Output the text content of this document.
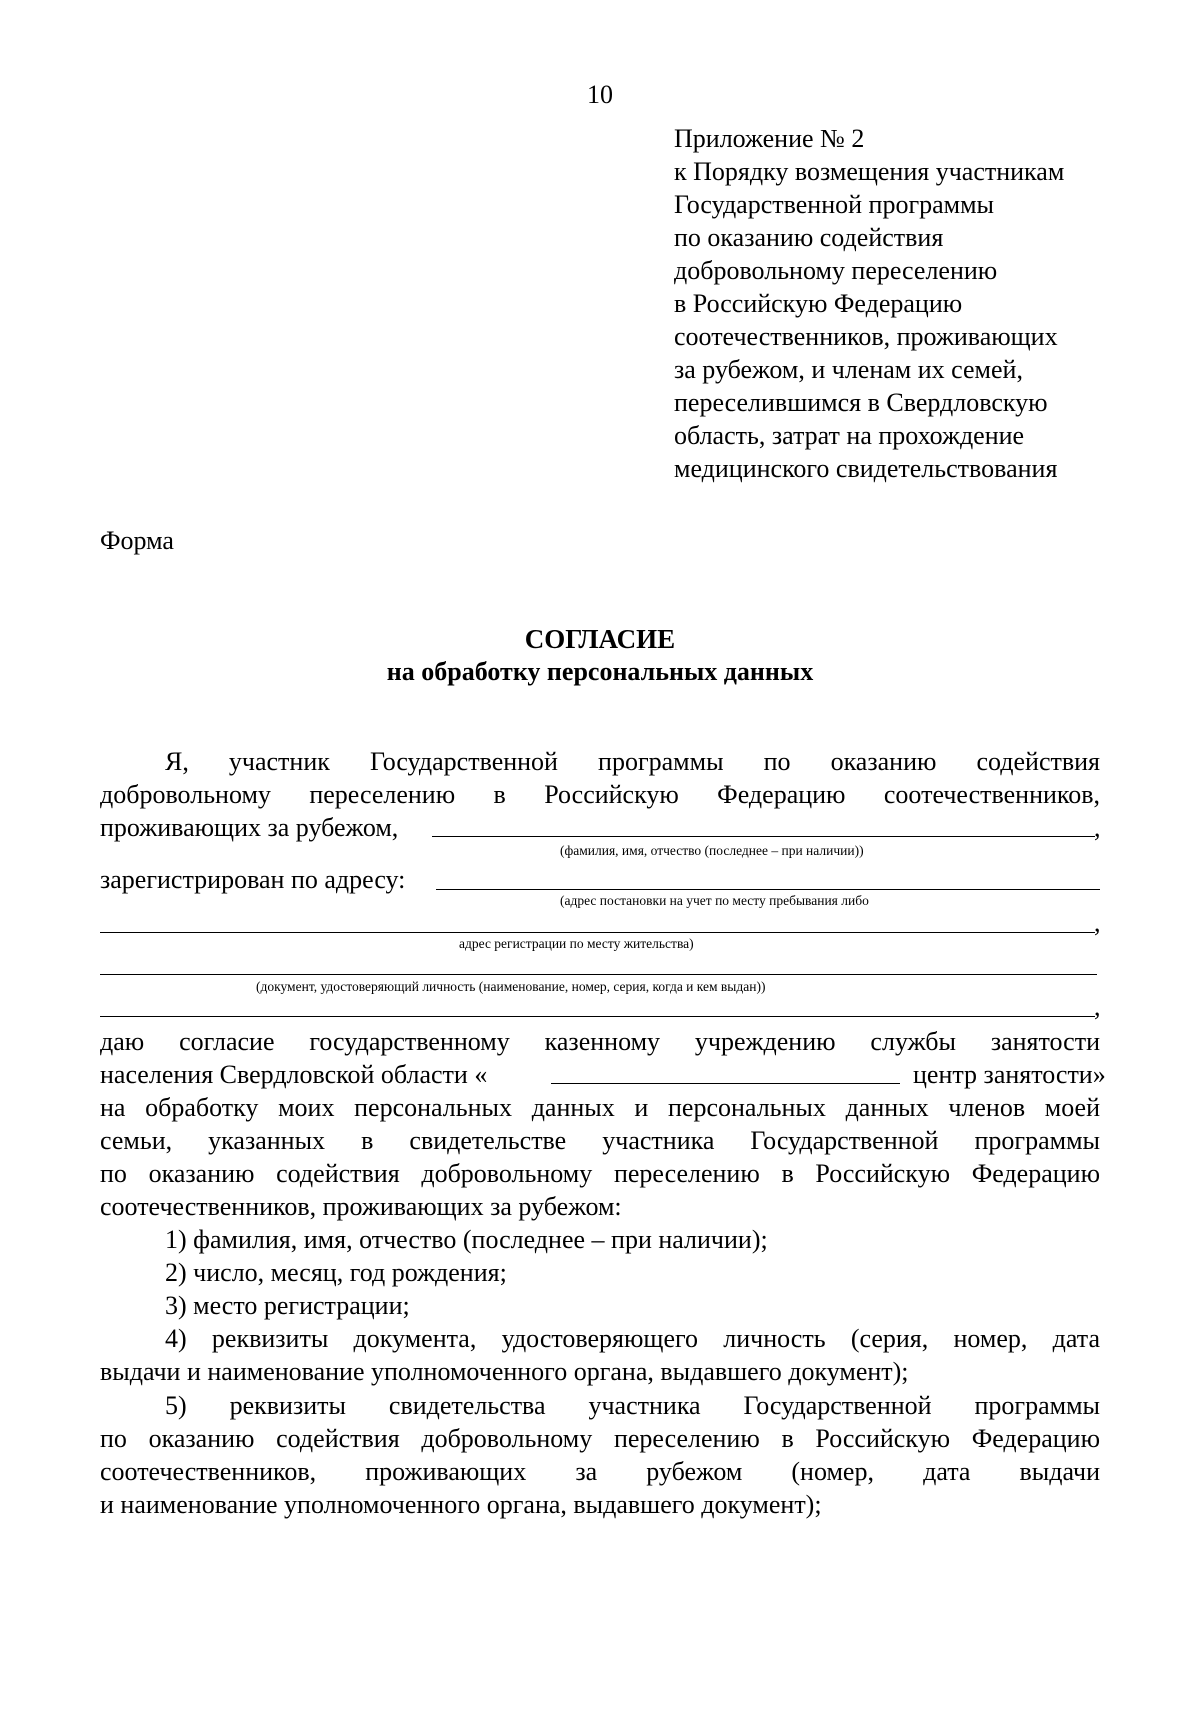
10
Приложение № 2
к Порядку возмещения участникам
Государственной программы
по оказанию содействия
добровольному переселению
в Российскую Федерацию
соотечественников, проживающих
за рубежом, и членам их семей,
переселившимся в Свердловскую
область, затрат на прохождение
медицинского свидетельствования
Форма
СОГЛАСИЕ
на обработку персональных данных
Я, участник Государственной программы по оказанию содействия
добровольному переселению в Российскую Федерацию соотечественников,
проживающих за рубежом,	,
(фамилия, имя, отчество (последнее – при наличии))
зарегистрирован по адресу:
(адрес постановки на учет по месту пребывания либо
,
адрес регистрации по месту жительства)
(документ, удостоверяющий личность (наименование, номер, серия, когда и кем выдан))
,
даю согласие государственному казенному учреждению службы занятости
населения Свердловской области «	центр занятости»
на обработку моих персональных данных и персональных данных членов моей
семьи, указанных в свидетельстве участника Государственной программы
по оказанию содействия добровольному переселению в Российскую Федерацию
соотечественников, проживающих за рубежом:
1) фамилия, имя, отчество (последнее – при наличии);
2) число, месяц, год рождения;
3) место регистрации;
4) реквизиты документа, удостоверяющего личность (серия, номер, дата
выдачи и наименование уполномоченного органа, выдавшего документ);
5) реквизиты свидетельства участника Государственной программы
по оказанию содействия добровольному переселению в Российскую Федерацию
соотечественников, проживающих за рубежом (номер, дата выдачи
и наименование уполномоченного органа, выдавшего документ);
